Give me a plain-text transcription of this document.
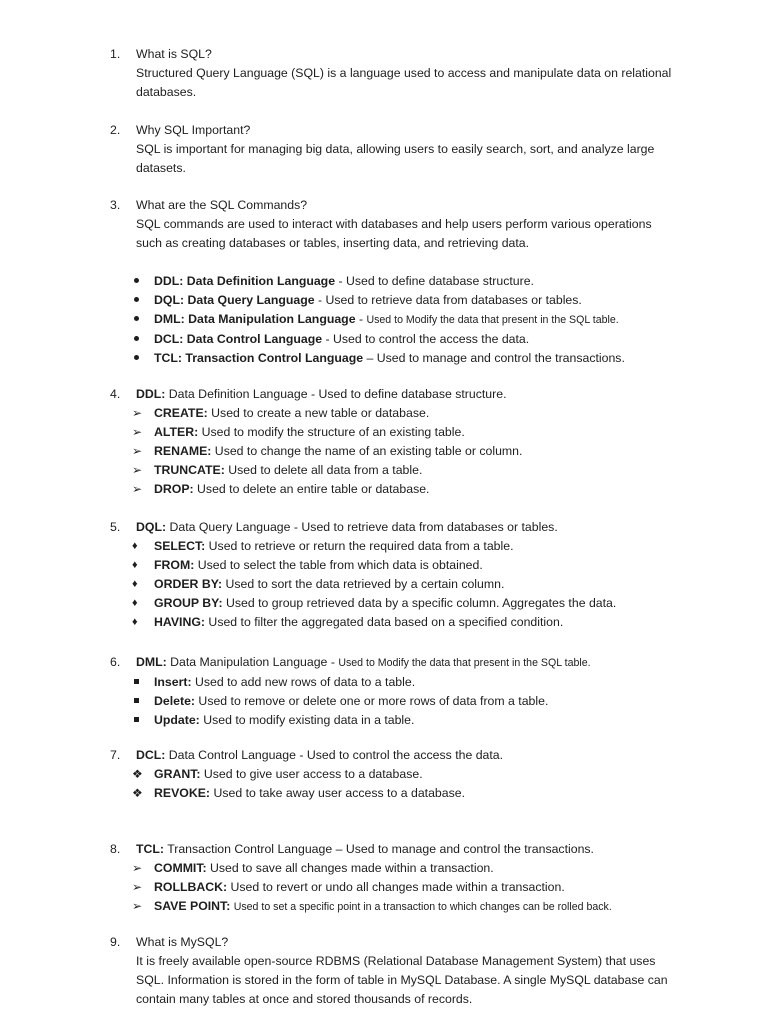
1.	What is SQL?
Structured Query Language (SQL) is a language used to access and manipulate data on relational
databases.
2.	Why SQL Important?
SQL is important for managing big data, allowing users to easily search, sort, and analyze large
datasets.
3.	What are the SQL Commands?
SQL commands are used to interact with databases and help users perform various operations
such as creating databases or tables, inserting data, and retrieving data.
DDL: Data Definition Language - Used to define database structure.
DQL: Data Query Language - Used to retrieve data from databases or tables.
DML: Data Manipulation Language - Used to Modify the data that present in the SQL table.
DCL: Data Control Language - Used to control the access the data.
TCL: Transaction Control Language – Used to manage and control the transactions.
4.	DDL: Data Definition Language - Used to define database structure.
➢ CREATE: Used to create a new table or database.
➢ ALTER: Used to modify the structure of an existing table.
➢ RENAME: Used to change the name of an existing table or column.
➢ TRUNCATE: Used to delete all data from a table.
➢ DROP: Used to delete an entire table or database.
5.	DQL: Data Query Language - Used to retrieve data from databases or tables.
♦	SELECT: Used to retrieve or return the required data from a table.
♦	FROM: Used to select the table from which data is obtained.
♦	ORDER BY: Used to sort the data retrieved by a certain column.
♦	GROUP BY: Used to group retrieved data by a specific column. Aggregates the data.
♦	HAVING: Used to filter the aggregated data based on a specified condition.
6.	DML: Data Manipulation Language - Used to Modify the data that present in the SQL table.
Insert: Used to add new rows of data to a table.
Delete: Used to remove or delete one or more rows of data from a table.
Update: Used to modify existing data in a table.
7.	DCL: Data Control Language - Used to control the access the data.
❖ GRANT: Used to give user access to a database.
❖ REVOKE: Used to take away user access to a database.
8.	TCL: Transaction Control Language – Used to manage and control the transactions.
➢ COMMIT: Used to save all changes made within a transaction.
➢ ROLLBACK: Used to revert or undo all changes made within a transaction.
➢ SAVE POINT: Used to set a specific point in a transaction to which changes can be rolled back.
9.	What is MySQL?
It is freely available open-source RDBMS (Relational Database Management System) that uses
SQL. Information is stored in the form of table in MySQL Database. A single MySQL database can
contain many tables at once and stored thousands of records.
